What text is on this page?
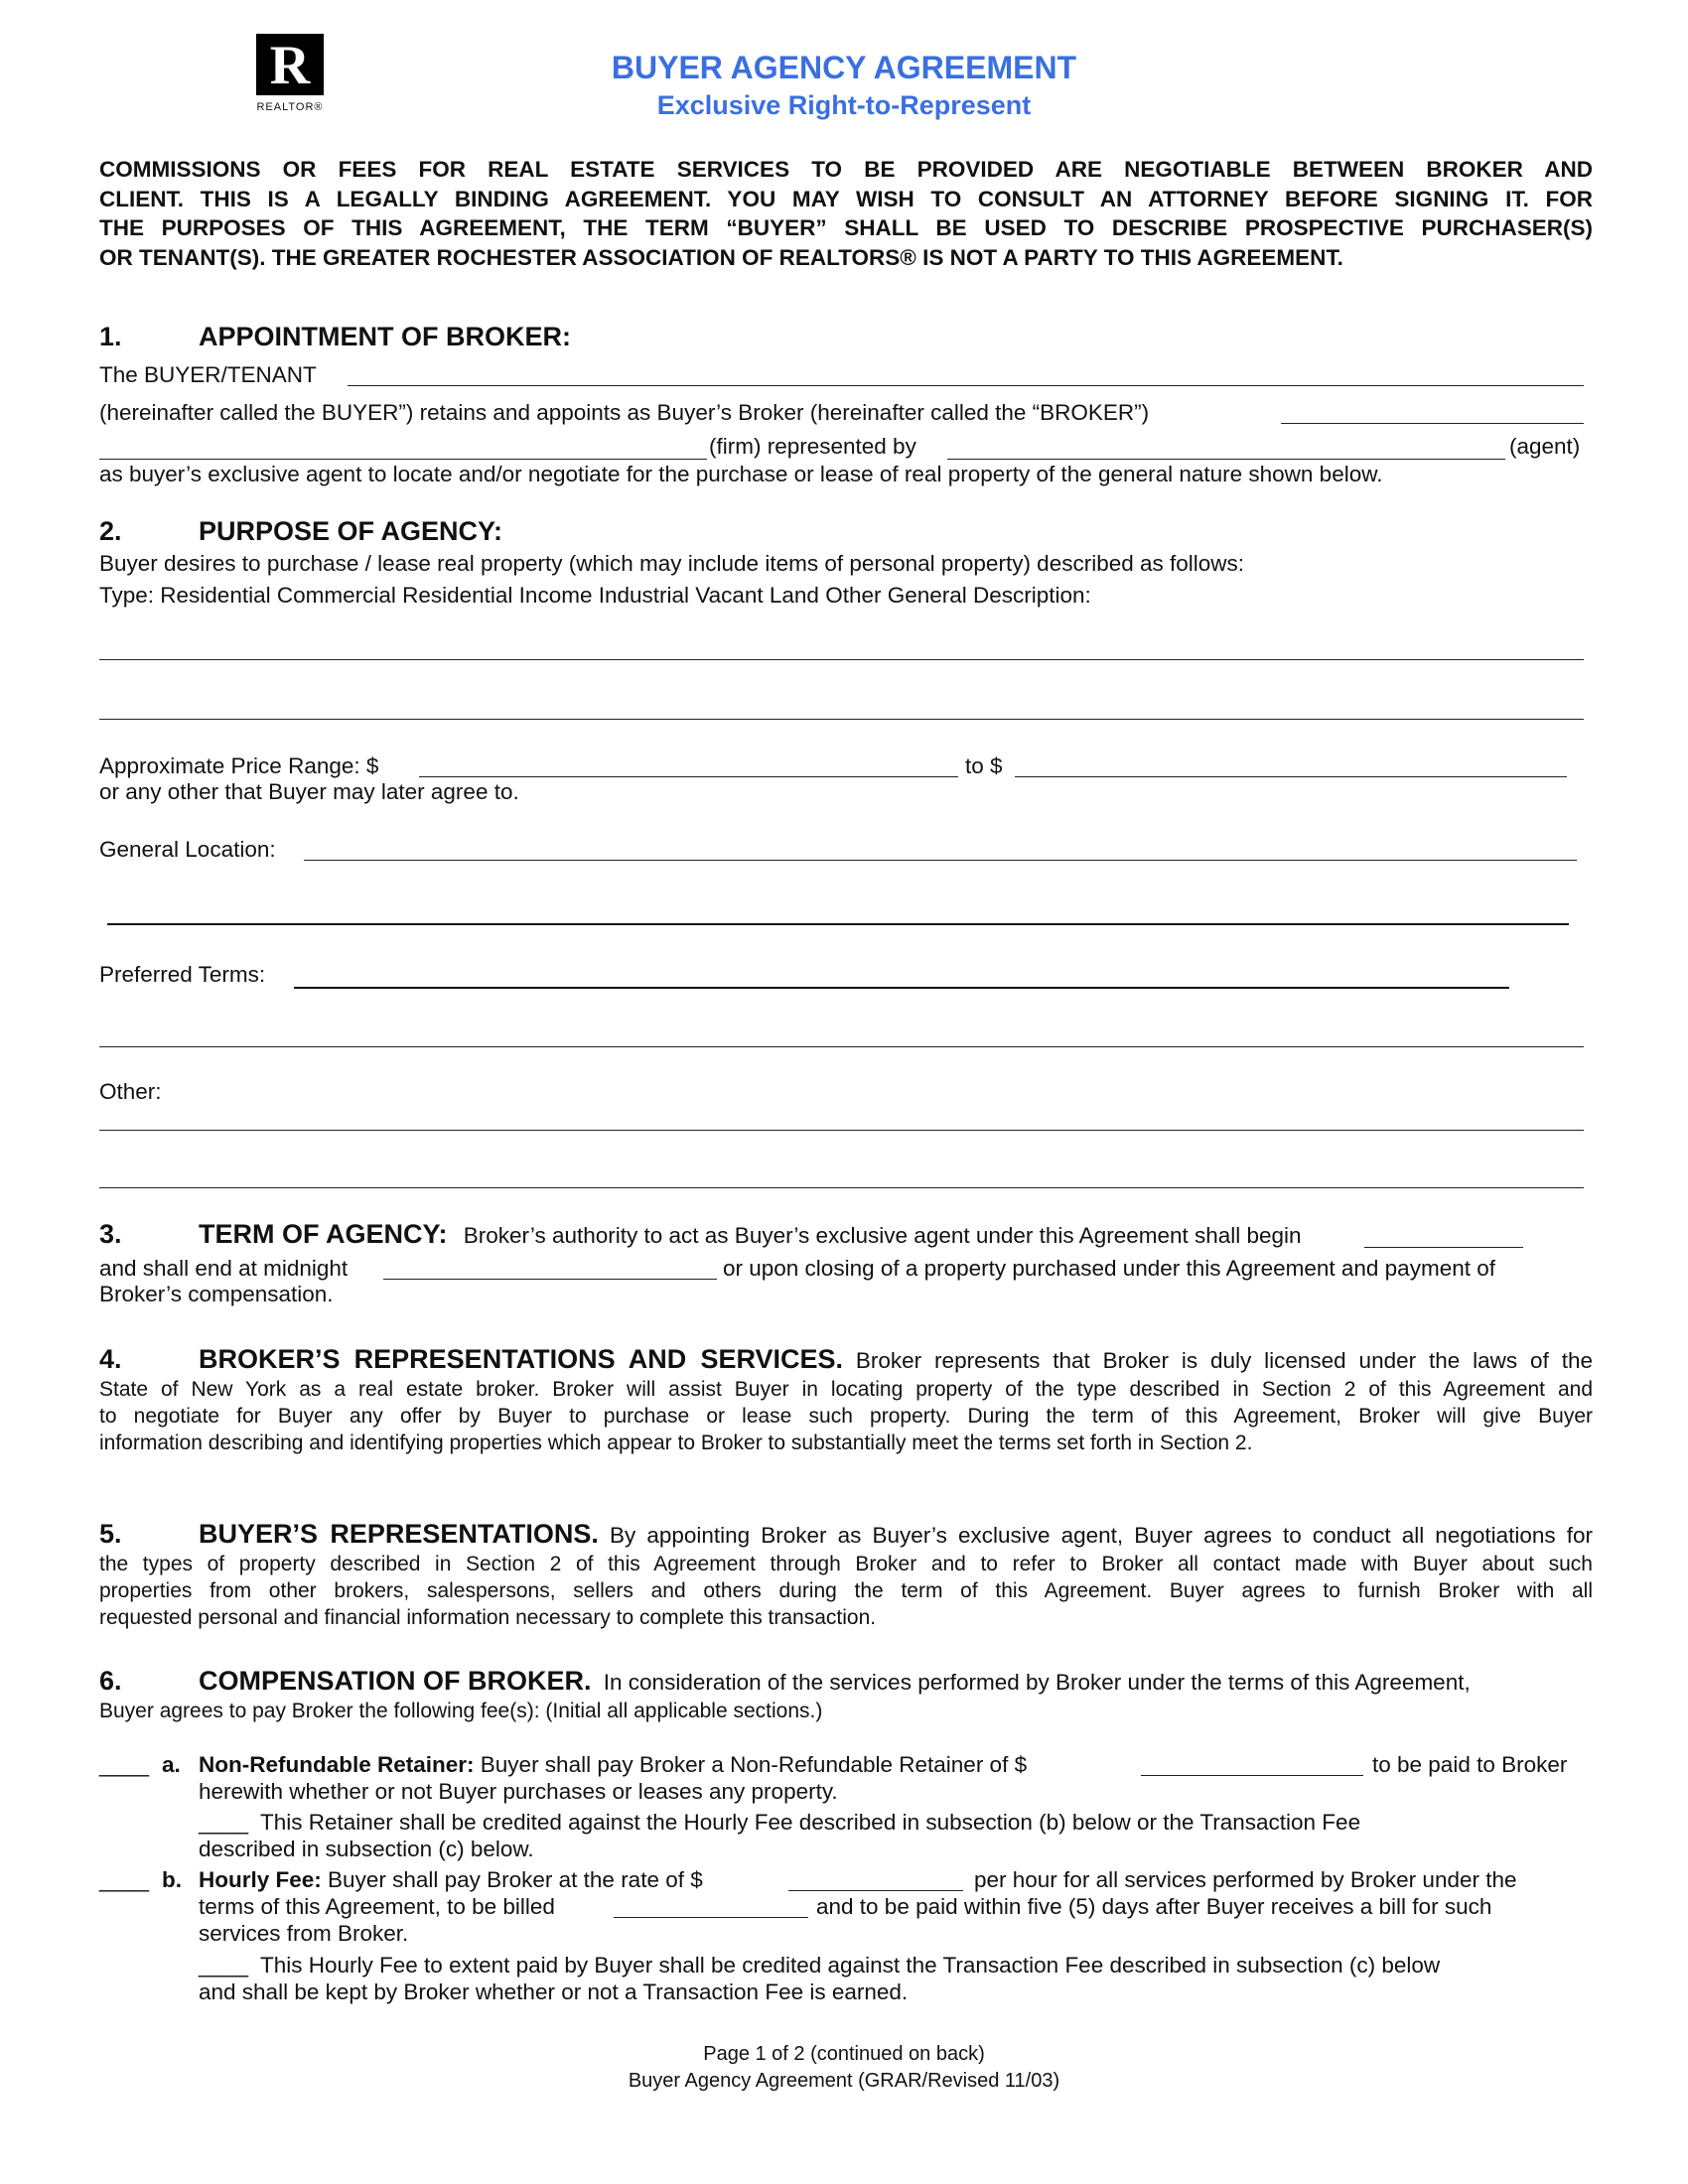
R
REALTOR®
BUYER AGENCY AGREEMENT
Exclusive Right-to-Represent
COMMISSIONS OR FEES FOR REAL ESTATE SERVICES TO BE PROVIDED ARE NEGOTIABLE BETWEEN BROKER AND
CLIENT. THIS IS A LEGALLY BINDING AGREEMENT. YOU MAY WISH TO CONSULT AN ATTORNEY BEFORE SIGNING IT. FOR
THE PURPOSES OF THIS AGREEMENT, THE TERM “BUYER” SHALL BE USED TO DESCRIBE PROSPECTIVE PURCHASER(S)
OR TENANT(S). THE GREATER ROCHESTER ASSOCIATION OF REALTORS® IS NOT A PARTY TO THIS AGREEMENT.
1.	APPOINTMENT OF BROKER:
The BUYER/TENANT
(hereinafter called the BUYER”) retains and appoints as Buyer’s Broker (hereinafter called the “BROKER”)
(firm) represented by	(agent)
as buyer’s exclusive agent to locate and/or negotiate for the purchase or lease of real property of the general nature shown below.
2.	PURPOSE OF AGENCY:
Buyer desires to purchase / lease real property (which may include items of personal property) described as follows:
Type: Residential Commercial Residential Income Industrial Vacant Land Other General Description:
Approximate Price Range: $	to $
or any other that Buyer may later agree to.
General Location:
Preferred Terms:
Other:
3.	TERM OF AGENCY: Broker’s authority to act as Buyer’s exclusive agent under this Agreement shall begin
and shall end at midnight	or upon closing of a property purchased under this Agreement and payment of
Broker’s compensation.
4.	BROKER’S REPRESENTATIONS AND SERVICES. Broker represents that Broker is duly licensed under the laws of the
State of New York as a real estate broker. Broker will assist Buyer in locating property of the type described in Section 2 of this Agreement and
to negotiate for Buyer any offer by Buyer to purchase or lease such property. During the term of this Agreement, Broker will give Buyer
information describing and identifying properties which appear to Broker to substantially meet the terms set forth in Section 2.
5.	BUYER’S REPRESENTATIONS. By appointing Broker as Buyer’s exclusive agent, Buyer agrees to conduct all negotiations for
the types of property described in Section 2 of this Agreement through Broker and to refer to Broker all contact made with Buyer about such
properties from other brokers, salespersons, sellers and others during the term of this Agreement. Buyer agrees to furnish Broker with all
requested personal and financial information necessary to complete this transaction.
6.	COMPENSATION OF BROKER. In consideration of the services performed by Broker under the terms of this Agreement,
Buyer agrees to pay Broker the following fee(s): (Initial all applicable sections.)
____ a. Non-Refundable Retainer: Buyer shall pay Broker a Non-Refundable Retainer of $	to be paid to Broker
herewith whether or not Buyer purchases or leases any property.
____ This Retainer shall be credited against the Hourly Fee described in subsection (b) below or the Transaction Fee
described in subsection (c) below.
____ b. Hourly Fee: Buyer shall pay Broker at the rate of $	per hour for all services performed by Broker under the
terms of this Agreement, to be billed	and to be paid within five (5) days after Buyer receives a bill for such
services from Broker.
____ This Hourly Fee to extent paid by Buyer shall be credited against the Transaction Fee described in subsection (c) below
and shall be kept by Broker whether or not a Transaction Fee is earned.
Page 1 of 2 (continued on back)
Buyer Agency Agreement (GRAR/Revised 11/03)
